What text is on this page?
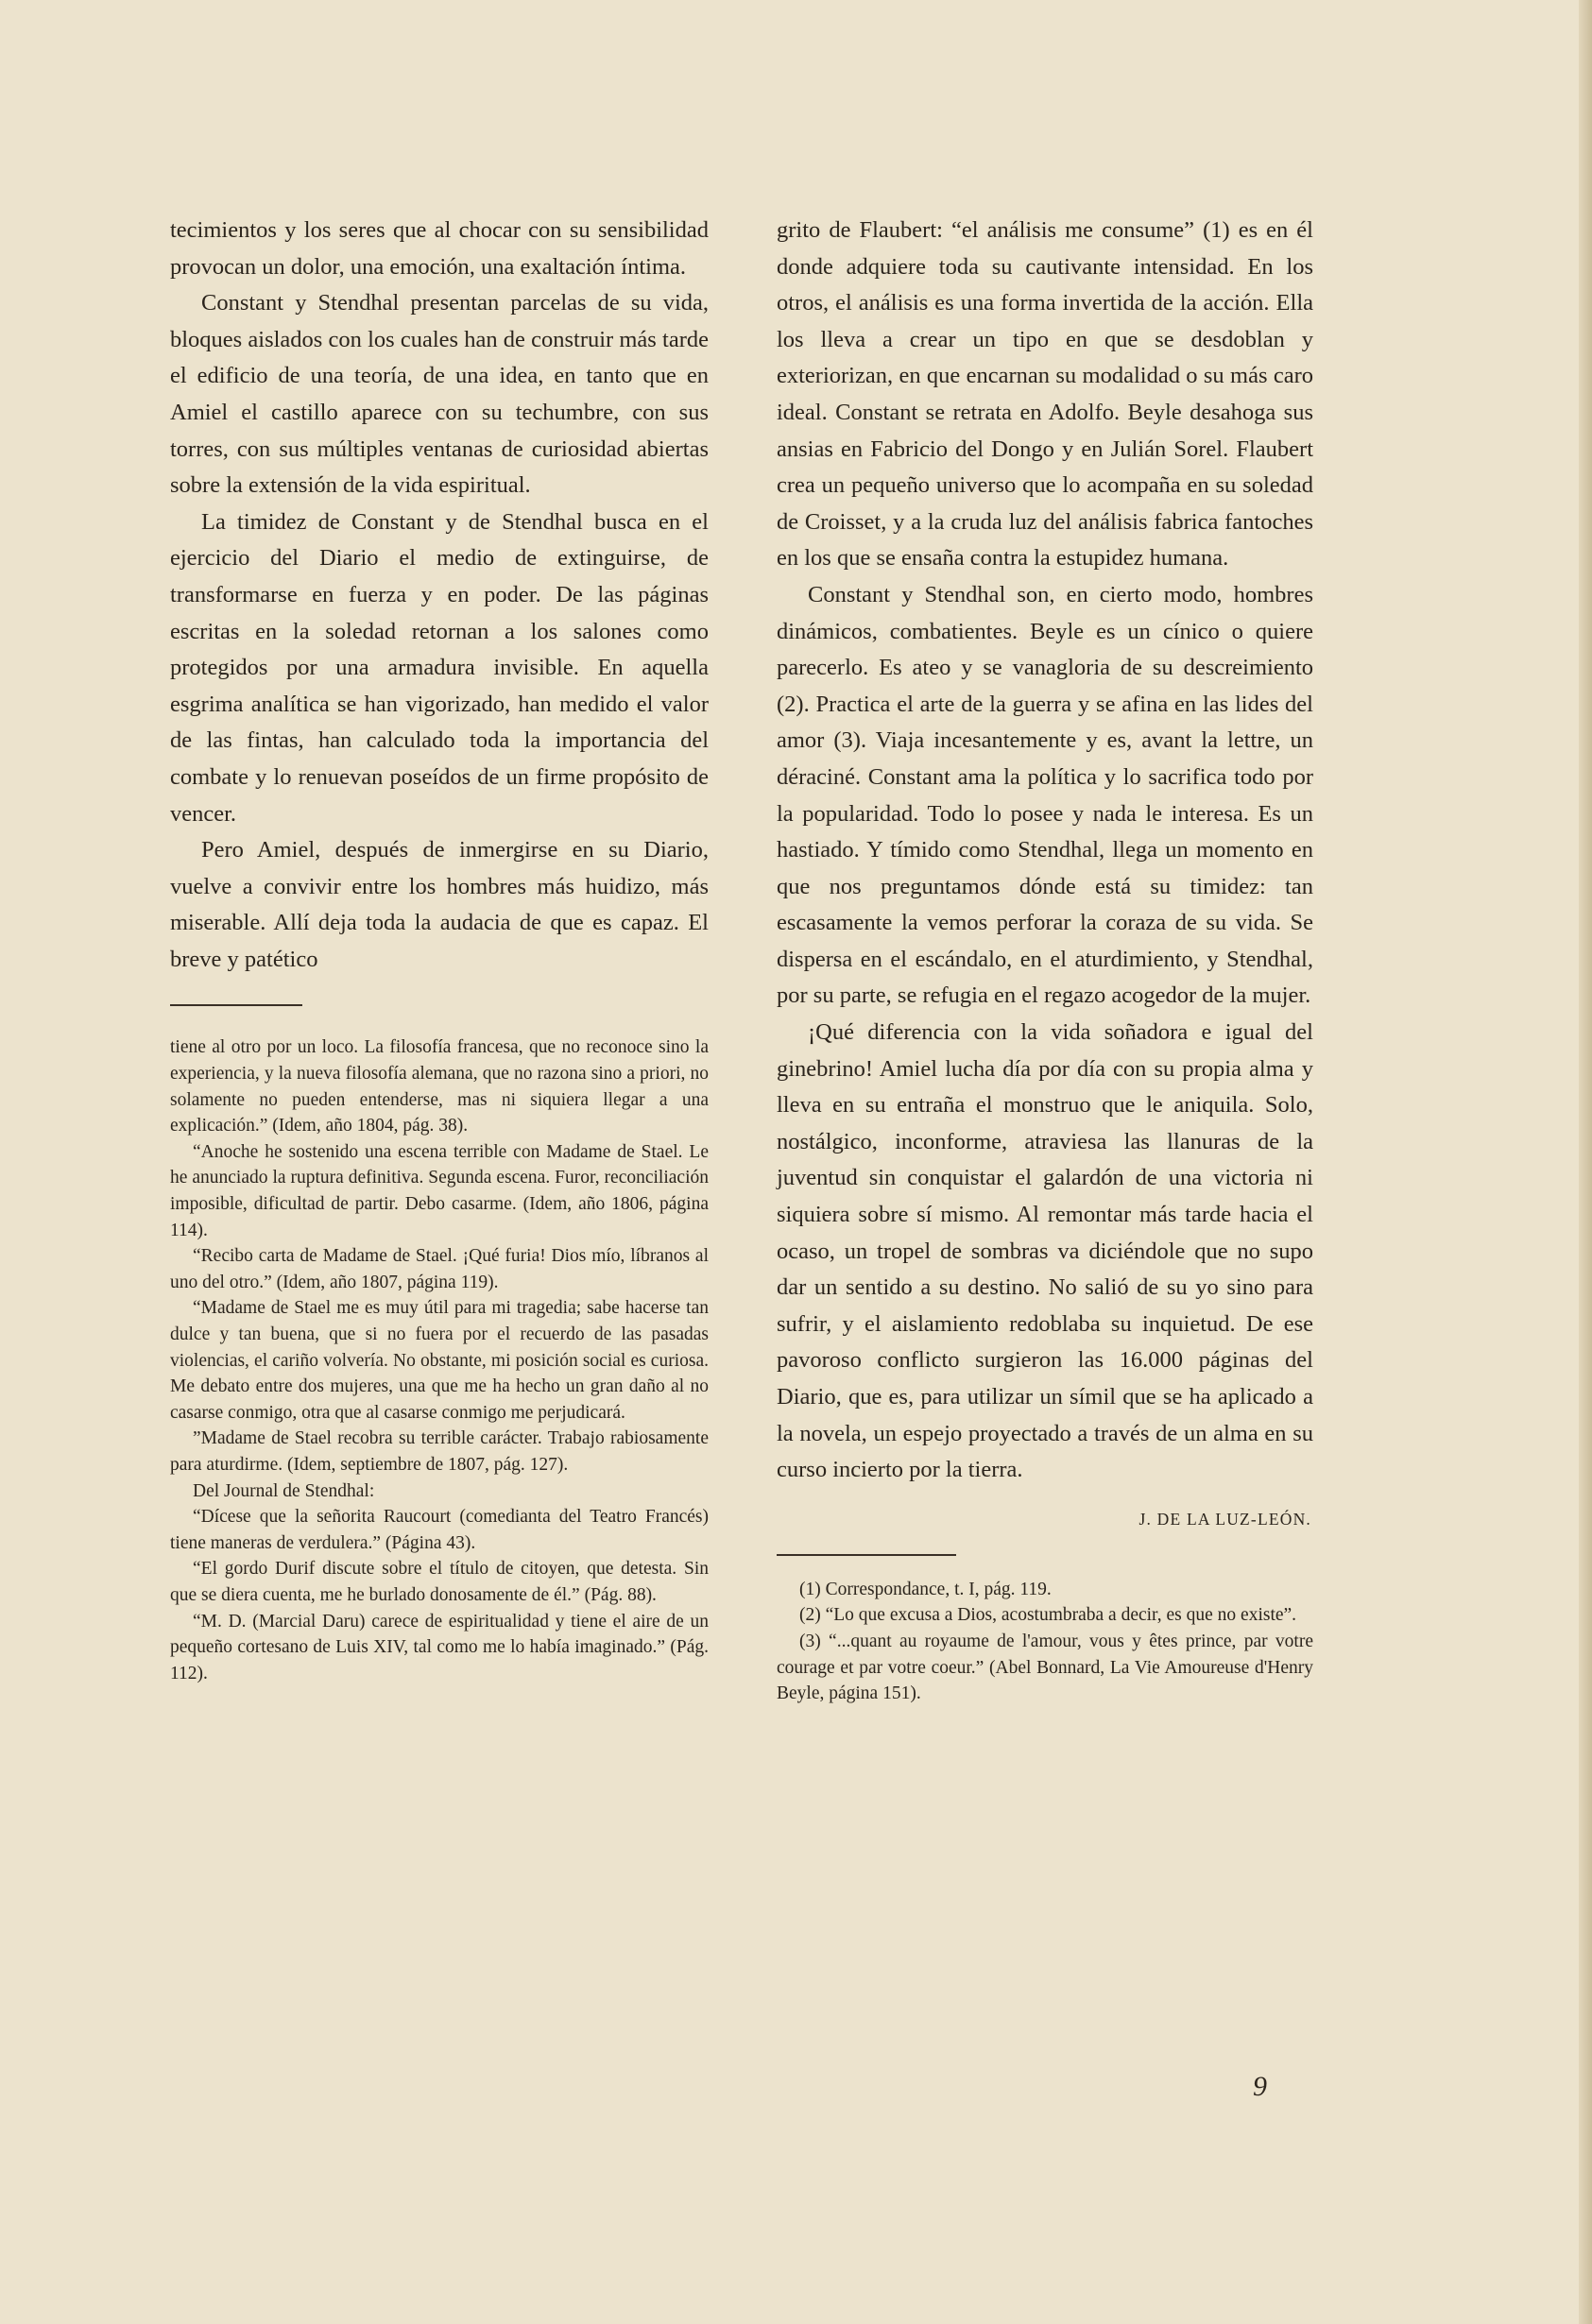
tecimientos y los seres que al chocar con su sensibilidad provocan un dolor, una emoción, una exaltación íntima.

Constant y Stendhal presentan parcelas de su vida, bloques aislados con los cuales han de construir más tarde el edificio de una teoría, de una idea, en tanto que en Amiel el castillo aparece con su techumbre, con sus torres, con sus múltiples ventanas de curiosidad abiertas sobre la extensión de la vida espiritual.

La timidez de Constant y de Stendhal busca en el ejercicio del Diario el medio de extinguirse, de transformarse en fuerza y en poder. De las páginas escritas en la soledad retornan a los salones como protegidos por una armadura invisible. En aquella esgrima analítica se han vigorizado, han medido el valor de las fintas, han calculado toda la importancia del combate y lo renuevan poseídos de un firme propósito de vencer.

Pero Amiel, después de inmergirse en su Diario, vuelve a convivir entre los hombres más huidizo, más miserable. Allí deja toda la audacia de que es capaz. El breve y patético

tiene al otro por un loco. La filosofía francesa, que no reconoce sino la experiencia, y la nueva filosofía alemana, que no razona sino a priori, no solamente no pueden entenderse, mas ni siquiera llegar a una explicación.” (Idem, año 1804, pág. 38).

“Anoche he sostenido una escena terrible con Madame de Stael. Le he anunciado la ruptura definitiva. Segunda escena. Furor, reconciliación imposible, dificultad de partir. Debo casarme. (Idem, año 1806, página 114).

“Recibo carta de Madame de Stael. ¡Qué furia! Dios mío, líbranos al uno del otro.” (Idem, año 1807, página 119).

“Madame de Stael me es muy útil para mi tragedia; sabe hacerse tan dulce y tan buena, que si no fuera por el recuerdo de las pasadas violencias, el cariño volvería. No obstante, mi posición social es curiosa. Me debato entre dos mujeres, una que me ha hecho un gran daño al no casarse conmigo, otra que al casarse conmigo me perjudicará.

”Madame de Stael recobra su terrible carácter. Trabajo rabiosamente para aturdirme. (Idem, septiembre de 1807, pág. 127).

Del Journal de Stendhal:

“Dícese que la señorita Raucourt (comedianta del Teatro Francés) tiene maneras de verdulera.” (Página 43).

“El gordo Durif discute sobre el título de citoyen, que detesta. Sin que se diera cuenta, me he burlado donosamente de él.” (Pág. 88).

“M. D. (Marcial Daru) carece de espiritualidad y tiene el aire de un pequeño cortesano de Luis XIV, tal como me lo había imaginado.” (Pág. 112).

grito de Flaubert: “el análisis me consume” (1) es en él donde adquiere toda su cautivante intensidad. En los otros, el análisis es una forma invertida de la acción. Ella los lleva a crear un tipo en que se desdoblan y exteriorizan, en que encarnan su modalidad o su más caro ideal. Constant se retrata en Adolfo. Beyle desahoga sus ansias en Fabricio del Dongo y en Julián Sorel. Flaubert crea un pequeño universo que lo acompaña en su soledad de Croisset, y a la cruda luz del análisis fabrica fantoches en los que se ensaña contra la estupidez humana.

Constant y Stendhal son, en cierto modo, hombres dinámicos, combatientes. Beyle es un cínico o quiere parecerlo. Es ateo y se vanagloria de su descreimiento (2). Practica el arte de la guerra y se afina en las lides del amor (3). Viaja incesantemente y es, avant la lettre, un déraciné. Constant ama la política y lo sacrifica todo por la popularidad. Todo lo posee y nada le interesa. Es un hastiado. Y tímido como Stendhal, llega un momento en que nos preguntamos dónde está su timidez: tan escasamente la vemos perforar la coraza de su vida. Se dispersa en el escándalo, en el aturdimiento, y Stendhal, por su parte, se refugia en el regazo acogedor de la mujer.

¡Qué diferencia con la vida soñadora e igual del ginebrino! Amiel lucha día por día con su propia alma y lleva en su entraña el monstruo que le aniquila. Solo, nostálgico, inconforme, atraviesa las llanuras de la juventud sin conquistar el galardón de una victoria ni siquiera sobre sí mismo. Al remontar más tarde hacia el ocaso, un tropel de sombras va diciéndole que no supo dar un sentido a su destino. No salió de su yo sino para sufrir, y el aislamiento redoblaba su inquietud. De ese pavoroso conflicto surgieron las 16.000 páginas del Diario, que es, para utilizar un símil que se ha aplicado a la novela, un espejo proyectado a través de un alma en su curso incierto por la tierra.

J. DE LA LUZ-LEÓN.

(1) Correspondance, t. I, pág. 119.

(2) “Lo que excusa a Dios, acostumbraba a decir, es que no existe”.

(3) “...quant au royaume de l'amour, vous y êtes prince, par votre courage et par votre coeur.” (Abel Bonnard, La Vie Amoureuse d'Henry Beyle, página 151).

9
